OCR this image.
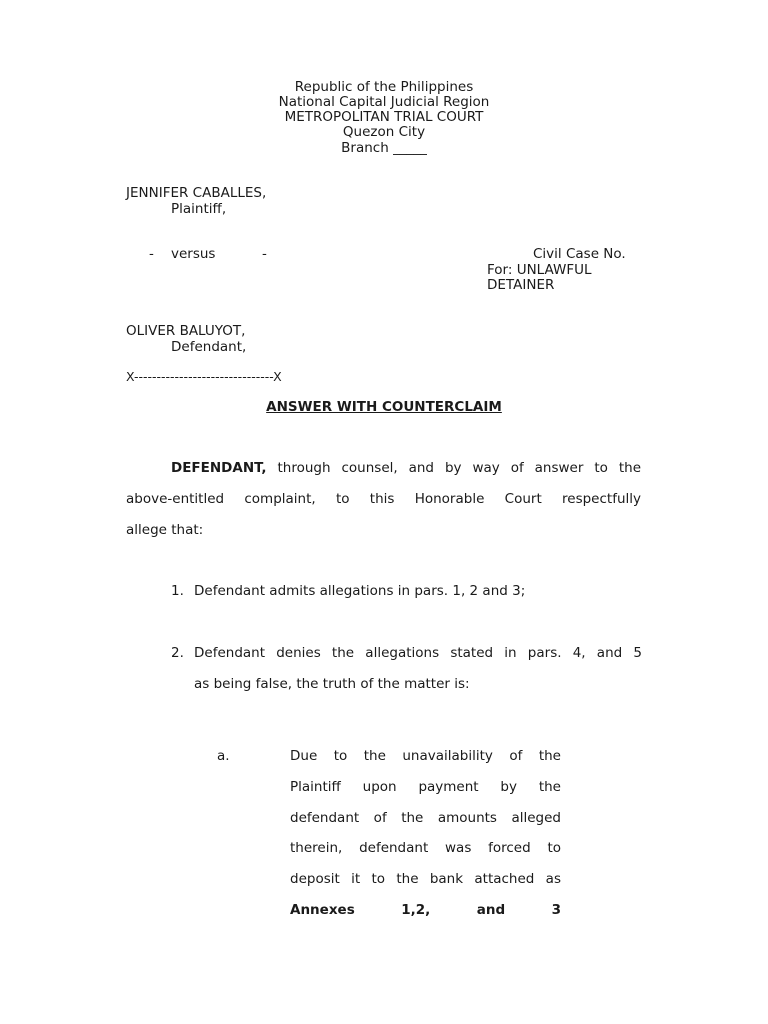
Republic of the Philippines
National Capital Judicial Region
METROPOLITAN TRIAL COURT
Quezon City
Branch _____
JENNIFER CABALLES,
Plaintiff,
- versus	-	Civil Case No.
For: UNLAWFUL
DETAINER
OLIVER BALUYOT,
Defendant,
X-------------------------------X
ANSWER WITH COUNTERCLAIM
DEFENDANT, through counsel, and by way of answer to the
above-entitled complaint, to this Honorable Court respectfully
allege that:
1. Defendant admits allegations in pars. 1, 2 and 3;
2. Defendant denies the allegations stated in pars. 4, and 5
as being false, the truth of the matter is:
a.	Due to the unavailability of the
Plaintiff upon payment by the
defendant of the amounts alleged
therein, defendant was forced to
deposit it to the bank attached as
Annexes 1,2, and 3
